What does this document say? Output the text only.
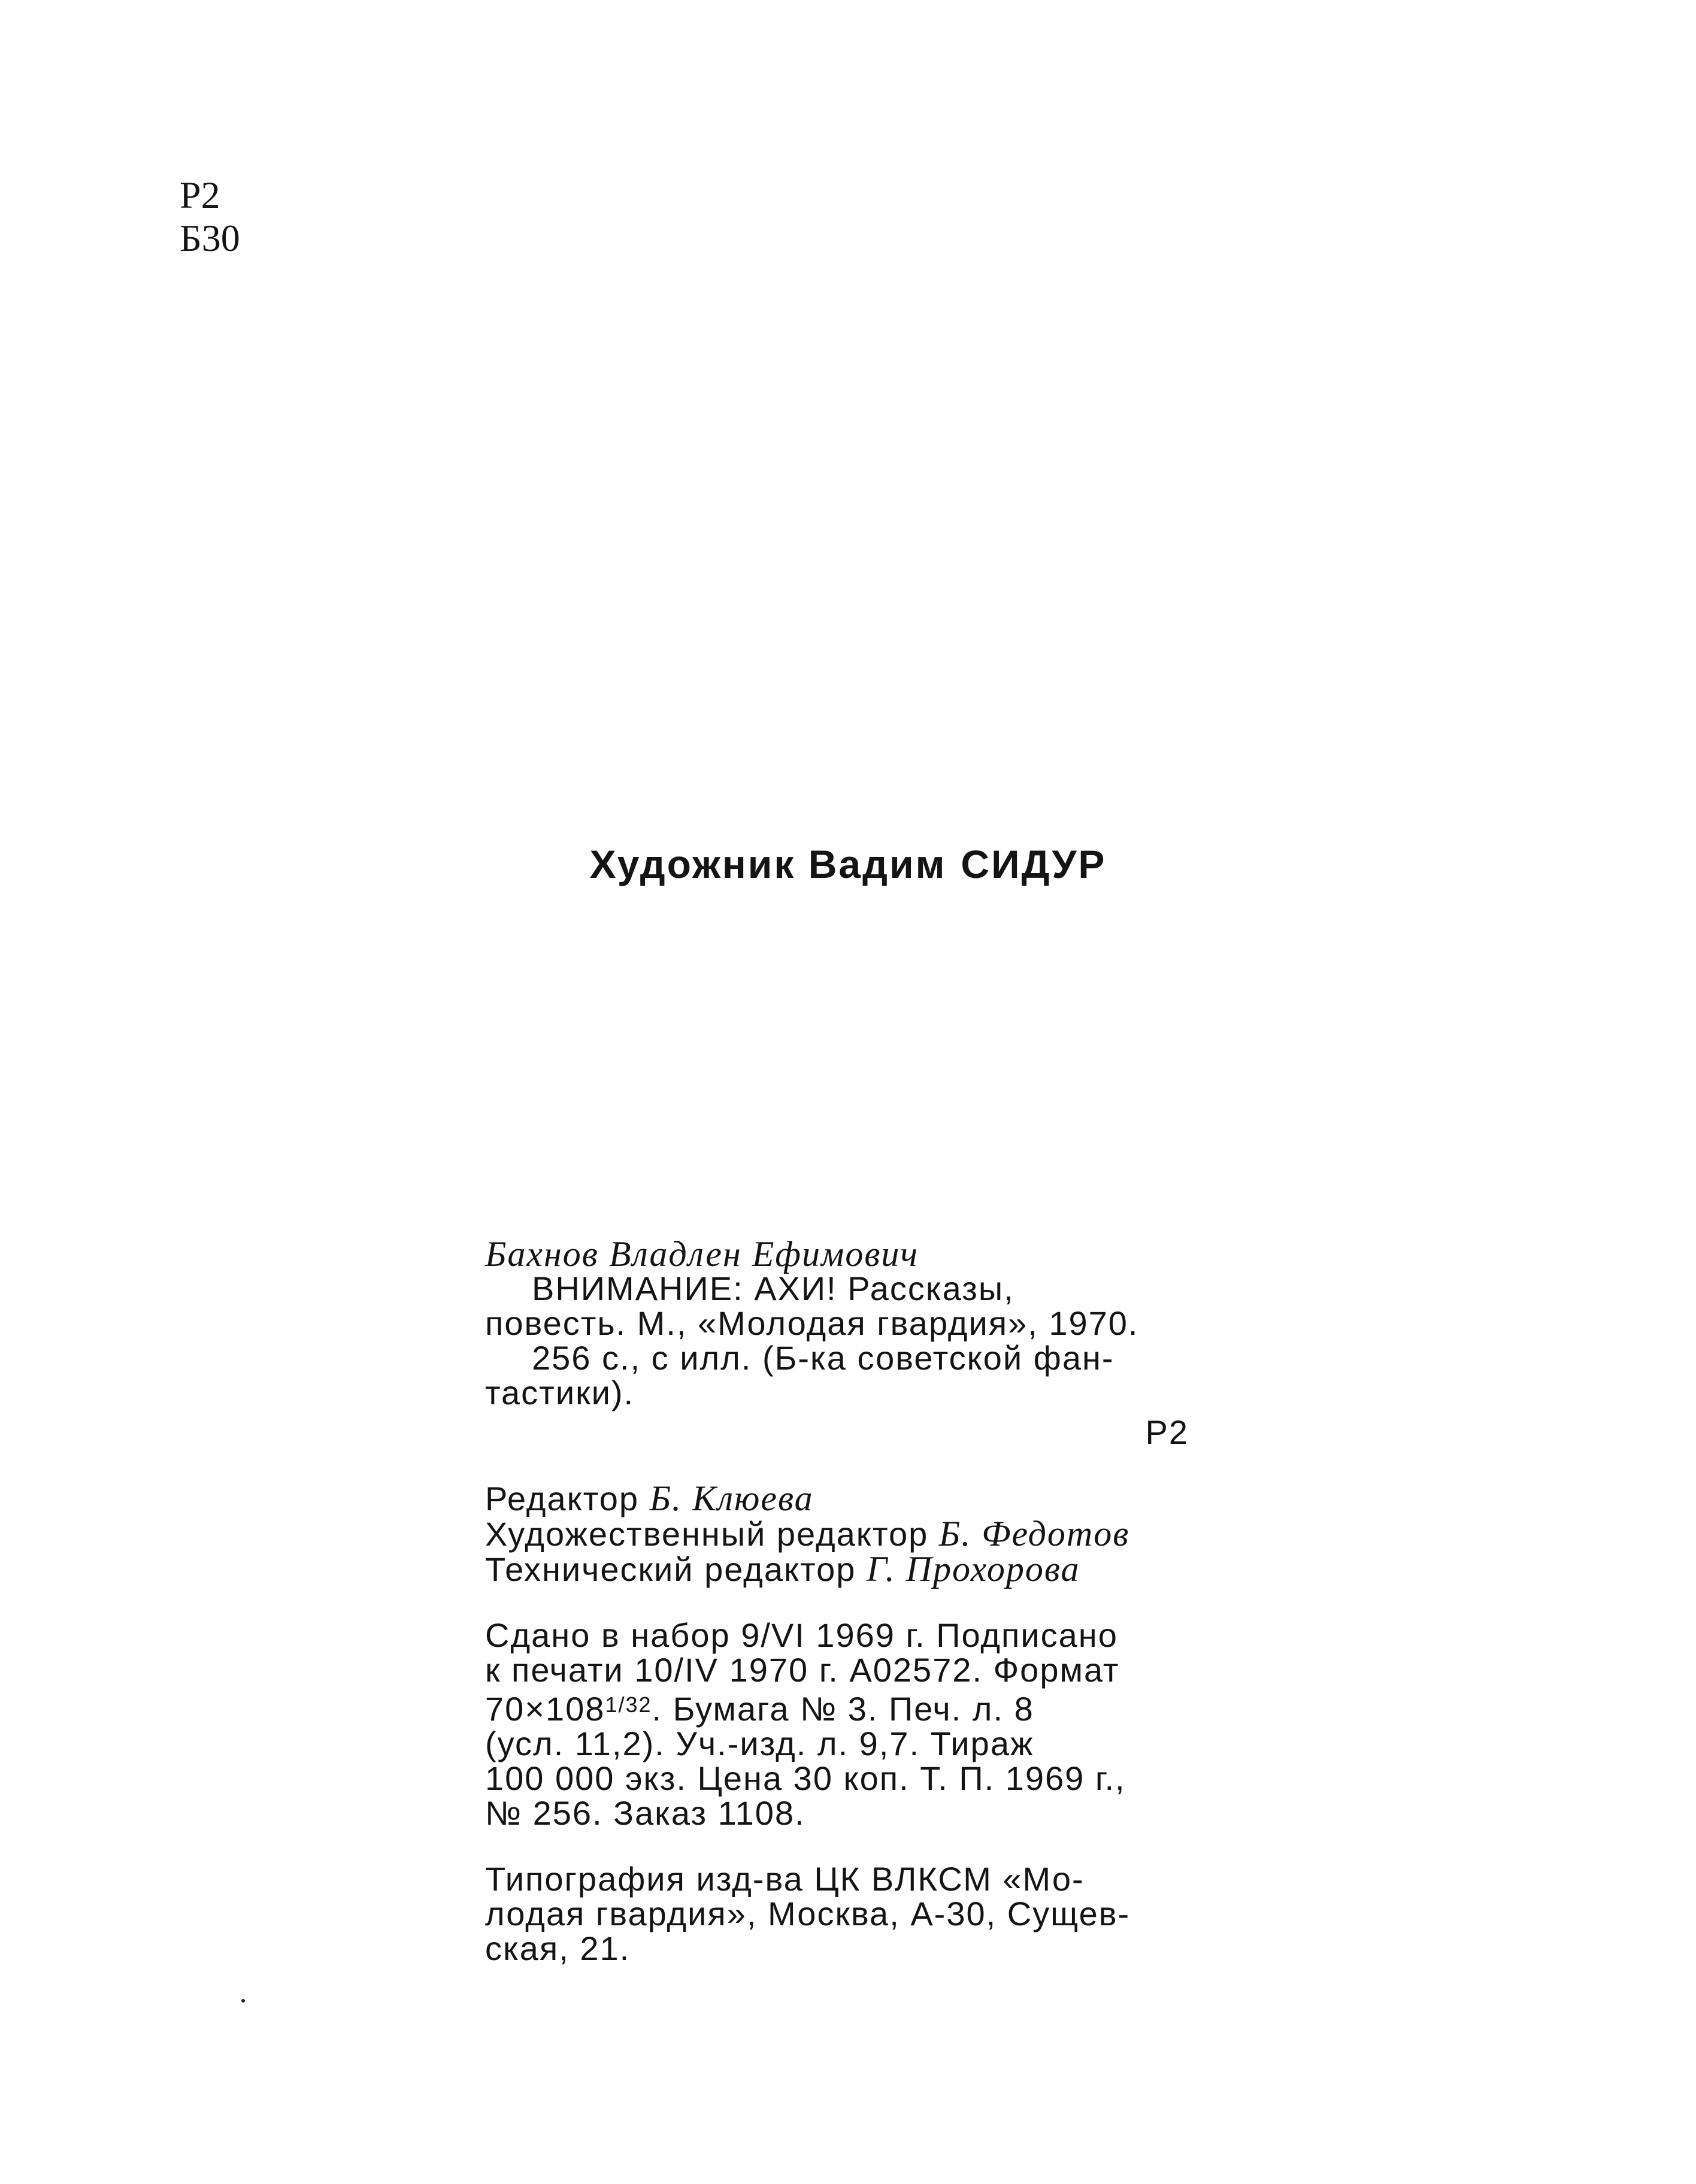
Р2
Б30
Художник Вадим СИДУР

Бахнов Владлен Ефимович

ВНИМАНИЕ: АХИ! Рассказы,

повесть. М., «Молодая гвардия», 1970.

256 с., с илл. (Б-ка советской фан-

тастики).

Р2

Редактор Б. Клюева

Художественный редактор Б. Федотов

Технический редактор Г. Прохорова

Сдано в набор 9/VI 1969 г. Подписано

к печати 10/IV 1970 г. А02572. Формат

$70\times 108^{1/32}$. Бумага № 3. Печ. л. 8

(усл. 11,2). Уч.-изд. л. 9,7. Тираж

100 000 экз. Цена 30 коп. Т. П. 1969 г.,

№ 256. Заказ 1108.

Типография изд-ва ЦК ВЛКСМ «Мо-

лодая гвардия», Москва, А-30, Сущев-

ская, 21.
